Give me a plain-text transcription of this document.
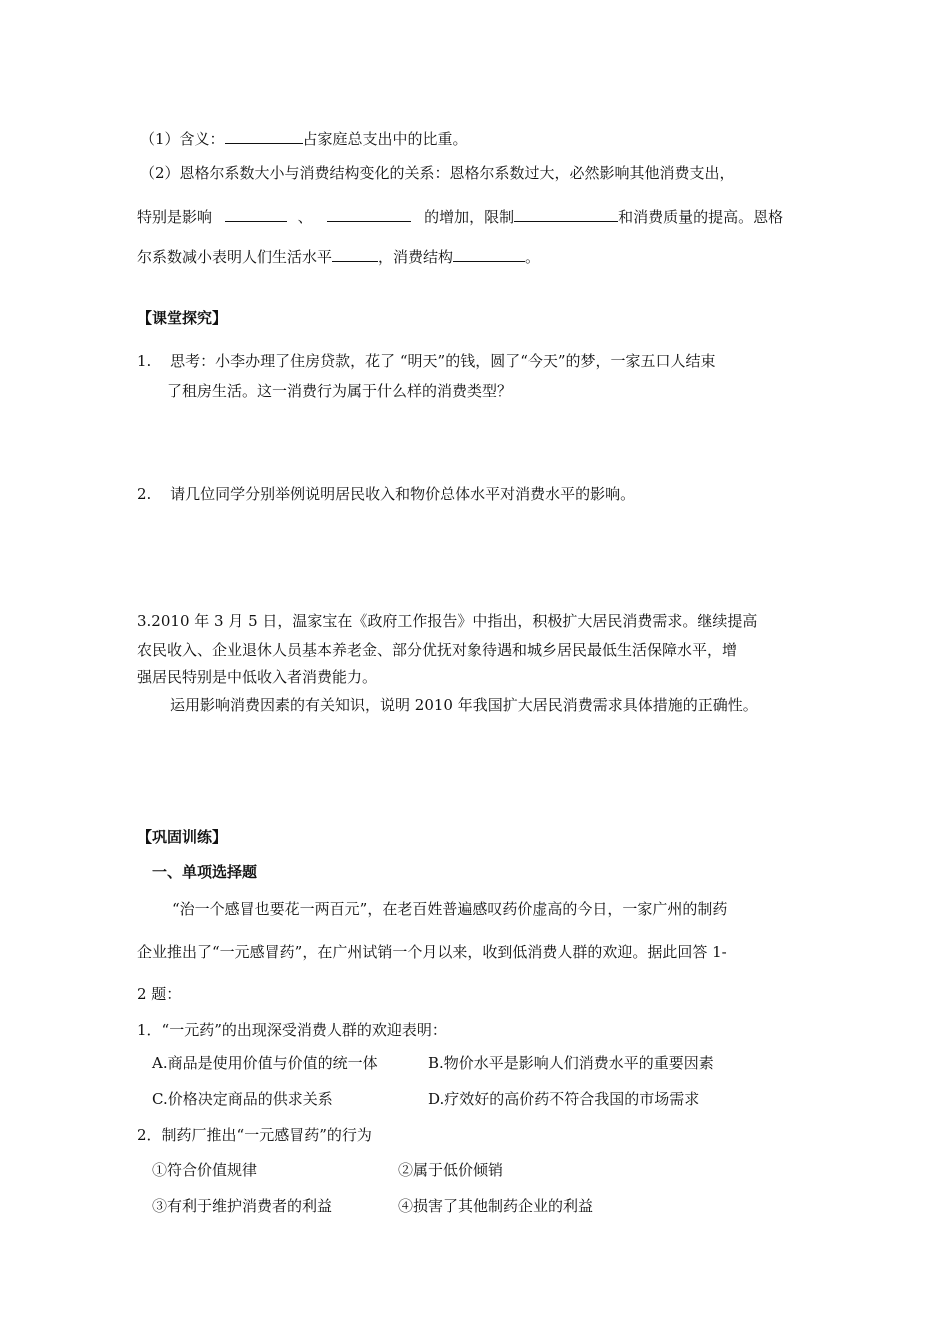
（1）含义：	占家庭总支出中的比重。
（2）恩格尔系数大小与消费结构变化的关系：恩格尔系数过大，必然影响其他消费支出，
特别是影响	、	的增加，限制	和消费质量的提高。恩格
尔系数减小表明人们生活水平	，消费结构	。
【课堂探究】
1. 思考：小李办理了住房贷款，花了 “明天”的钱，圆了“今天”的梦，一家五口人结束
了租房生活。这一消费行为属于什么样的消费类型？
2. 请几位同学分别举例说明居民收入和物价总体水平对消费水平的影响。
3.2010 年 3 月 5 日，温家宝在《政府工作报告》中指出，积极扩大居民消费需求。继续提高
农民收入、企业退休人员基本养老金、部分优抚对象待遇和城乡居民最低生活保障水平，增
强居民特别是中低收入者消费能力。
运用影响消费因素的有关知识，说明 2010 年我国扩大居民消费需求具体措施的正确性。
【巩固训练】
一、单项选择题
“治一个感冒也要花一两百元”，在老百姓普遍感叹药价虚高的今日，一家广州的制药
企业推出了“一元感冒药”，在广州试销一个月以来，收到低消费人群的欢迎。据此回答 1-
2 题：
1．“一元药”的出现深受消费人群的欢迎表明：
A.商品是使用价值与价值的统一体	B.物价水平是影响人们消费水平的重要因素
C.价格决定商品的供求关系	D.疗效好的高价药不符合我国的市场需求
2．制药厂推出“一元感冒药”的行为
①符合价值规律	②属于低价倾销
③有利于维护消费者的利益	④损害了其他制药企业的利益
